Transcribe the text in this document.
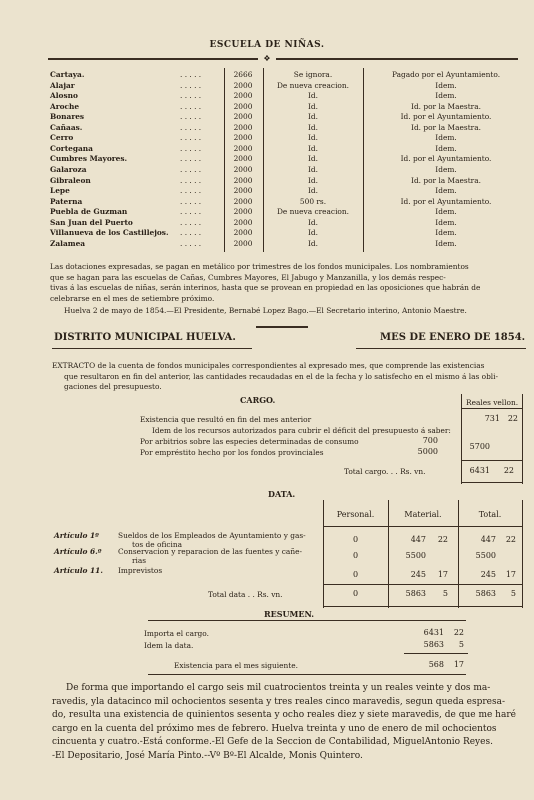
ESCUELA DE NIÑAS.
❖
Cartaya.	. . . . .	2666	Se ignora.	Pagado por el Ayuntamiento.
Alajar	. . . . .	2000	De nueva creacion.	Idem.
Alosno	. . . . .	2000	Id.	Idem.
Aroche	. . . . .	2000	Id.	Id. por la Maestra.
Bonares	. . . . .	2000	Id.	Id. por el Ayuntamiento.
Cañaas.	. . . . .	2000	Id.	Id. por la Maestra.
Cerro	. . . . .	2000	Id.	Idem.
Cortegana	. . . . .	2000	Id.	Idem.
Cumbres Mayores.	. . . . .	2000	Id.	Id. por el Ayuntamiento.
Galaroza	. . . . .	2000	Id.	Idem.
Gibraleon	. . . . .	2000	Id.	Id. por la Maestra.
Lepe	. . . . .	2000	Id.	Idem.
Paterna	. . . . .	2000	500 rs.	Id. por el Ayuntamiento.
Puebla de Guzman	. . . . .	2000	De nueva creacion.	Idem.
San Juan del Puerto	. . . . .	2000	Id.	Idem.
Villanueva de los Castillejos. . . . . .	2000	Id.	Idem.
Zalamea	. . . . .	2000	Id.	Idem.
Las dotaciones expresadas, se pagan en metálico por trimestres de los fondos municipales. Los nombramientos
que se hagan para las escuelas de Cañas, Cumbres Mayores, El Jabugo y Manzanilla, y los demás respec-
tivas á las escuelas de niñas, serán interinos, hasta que se provean en propiedad en las oposiciones que habrán de
celebrarse en el mes de setiembre próximo.
Huelva 2 de mayo de 1854.—El Presidente, Bernabé Lopez Bago.—El Secretario interino, Antonio Maestre.
DISTRITO MUNICIPAL HUELVA.	MES DE ENERO DE 1854.
EXTRACTO de la cuenta de fondos municipales correspondientes al expresado mes, que comprende las existencias
que resultaron en fin del anterior, las cantidades recaudadas en el de la fecha y lo satisfecho en el mismo á las obli-
gaciones del presupuesto.
CARGO.	Reales vellon.
Existencia que resultó en fin del mes anterior	731 22
Idem de los recursos autorizados para cubrir el déficit del presupuesto á saber:
Por arbitrios sobre las especies determinadas de consumo	700
Por empréstito hecho por los fondos provinciales	5000
5700
Total cargo. . . Rs. vn.	6431	22
DATA.
Personal.	Material.	Total.
Artículo 1º	Sueldos de los Empleados de Ayuntamiento y gas-
tos de oficina
0	447	22	447	22
Artículo 6.º Conservacion y reparacion de las fuentes y cañe-
rias
0	5500	5500
Artículo 11. Imprevistos	0	245	17	245	17
Total data . . Rs. vn.	0	5863	5	5863	5
RESUMEN.
Importa el cargo.	6431	22
Idem la data.	5863	5
Existencia para el mes siguiente.	568	17
De forma que importando el cargo seis mil cuatrocientos treinta y un reales veinte y dos ma-
ravedis, yla datacinco mil ochocientos sesenta y tres reales cinco maravedis, segun queda espresa-
do, resulta una existencia de quinientos sesenta y ocho reales diez y siete maravedis, de que me haré
cargo en la cuenta del próximo mes de febrero. Huelva treinta y uno de enero de mil ochocientos
cincuenta y cuatro.-Está conforme.-El Gefe de la Seccion de Contabilidad, MiguelAntonio Reyes.
-El Depositario, José María Pinto.--Vº Bº-El Alcalde, Monis Quintero.
